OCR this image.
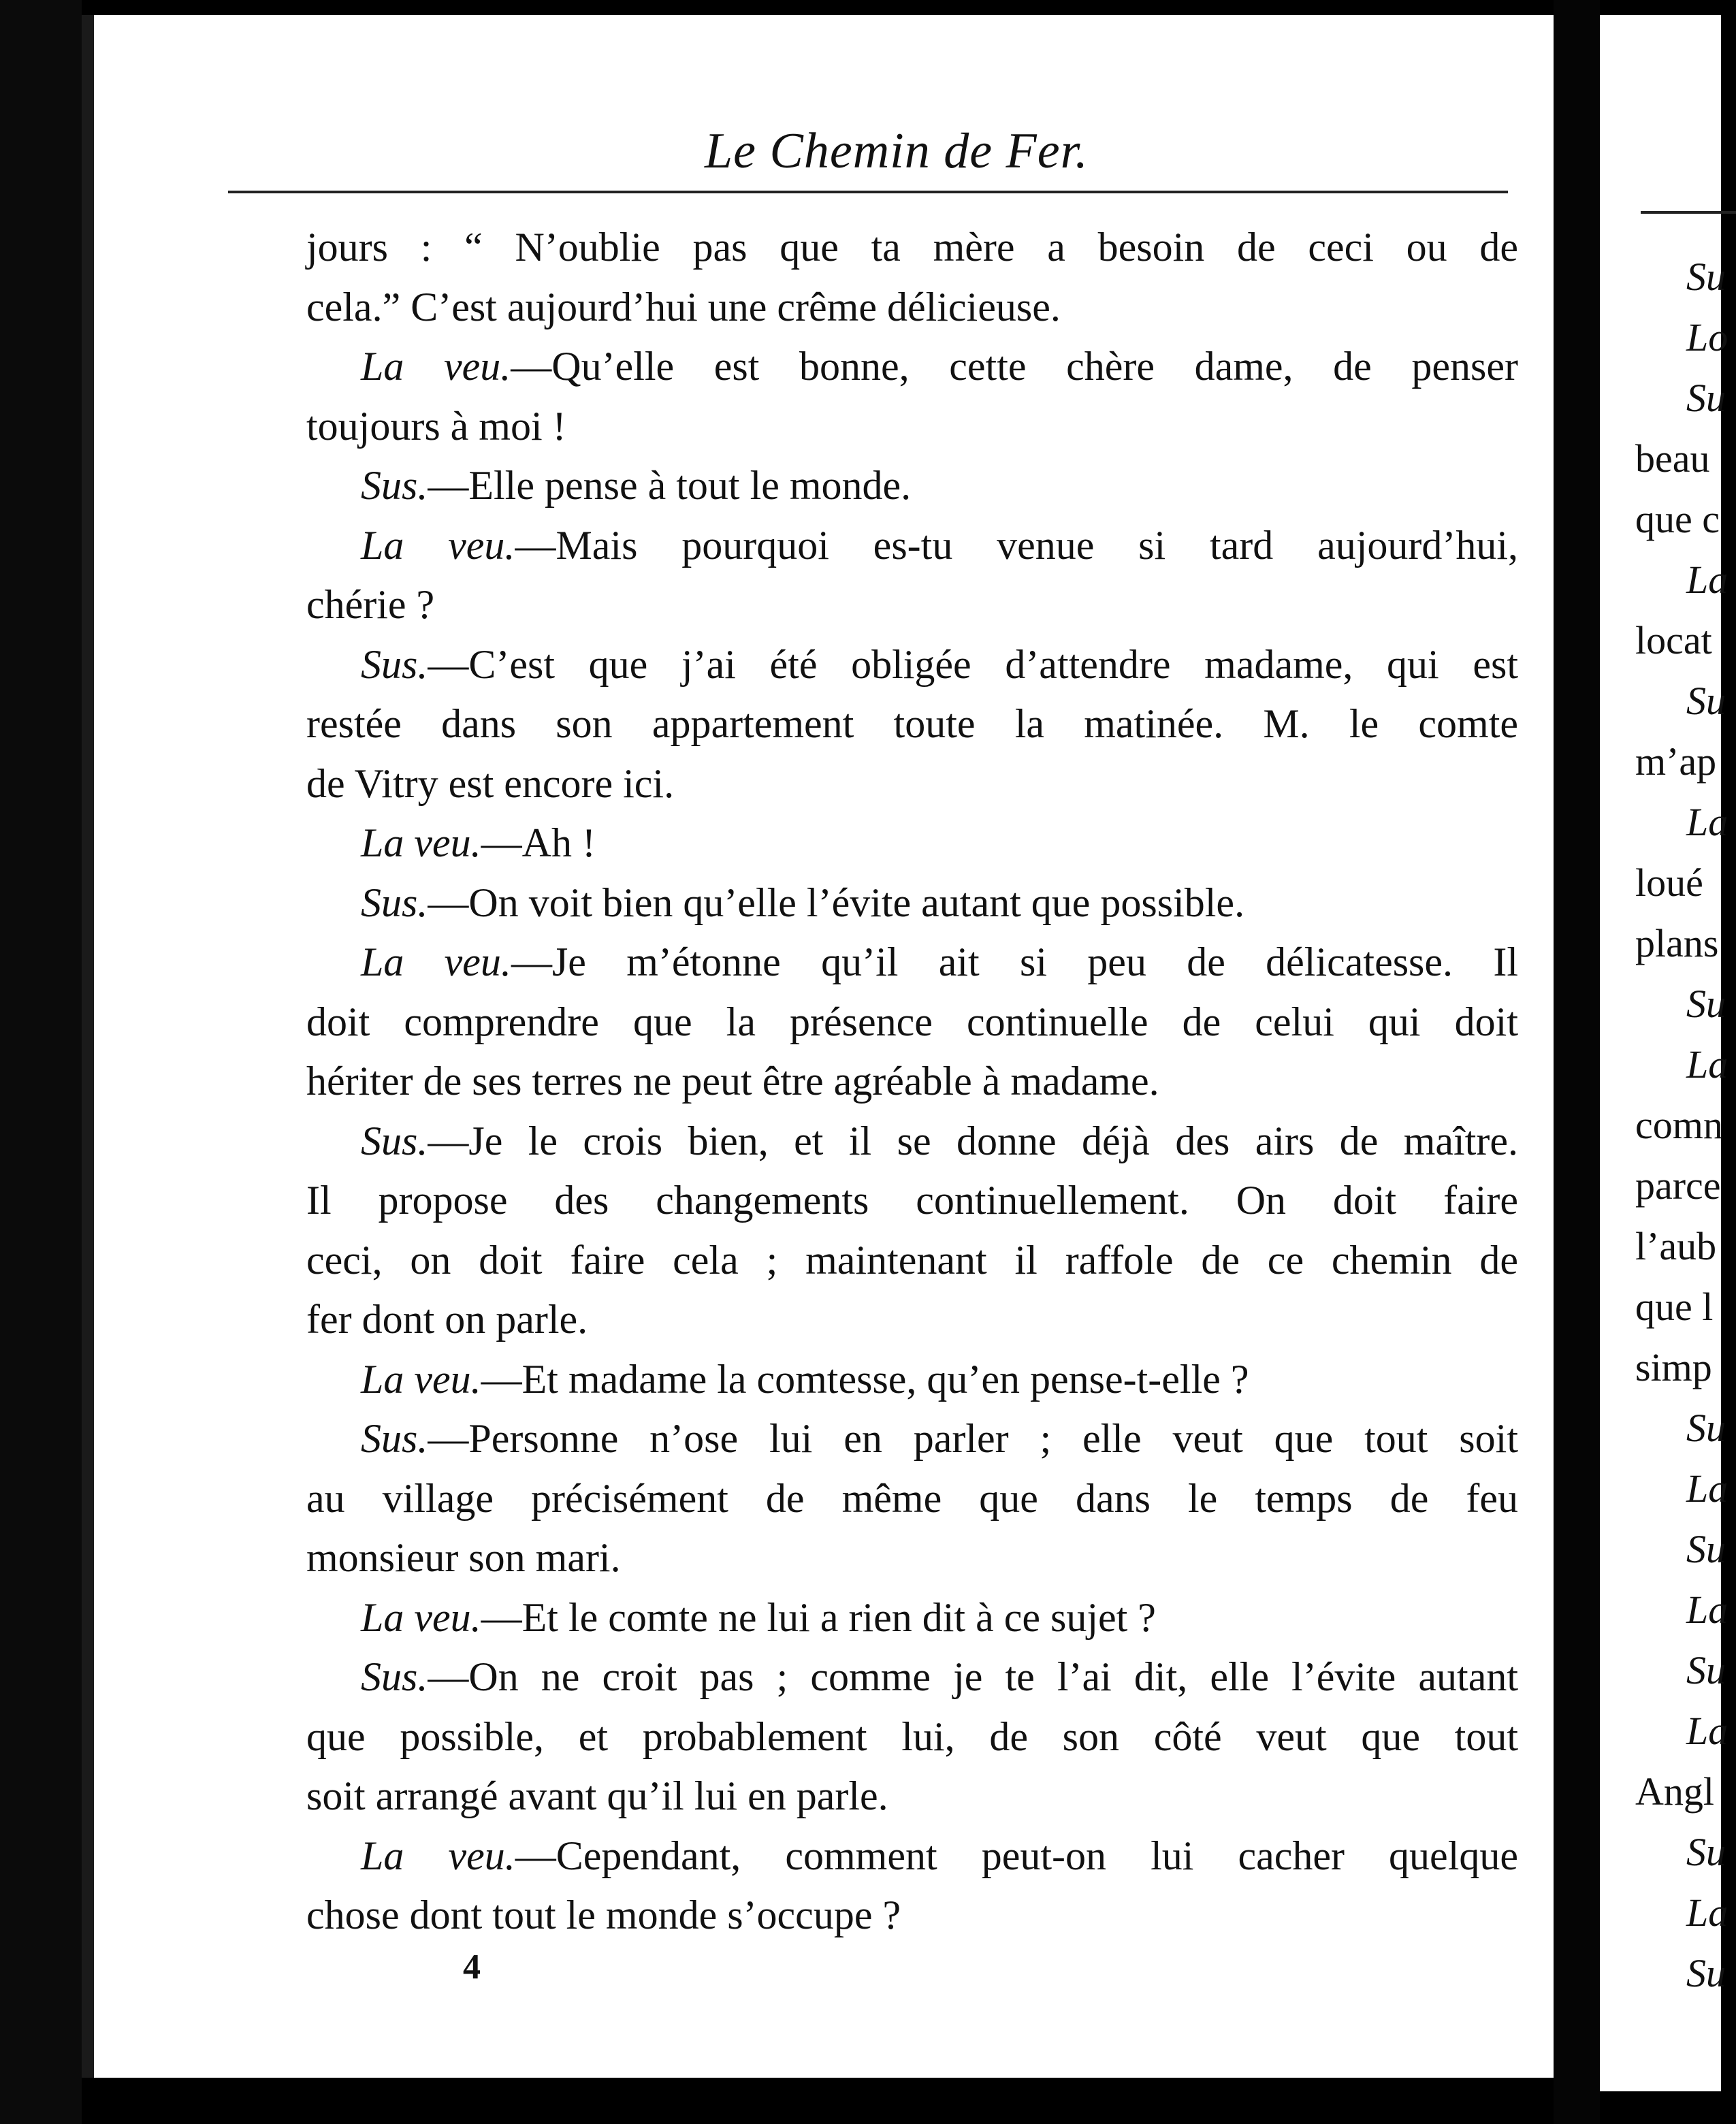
Le Chemin de Fer.
jours : “ N’oublie pas que ta mère a besoin de ceci ou de
cela.” C’est aujourd’hui une crême délicieuse.
La veu.—Qu’elle est bonne, cette chère dame, de penser
toujours à moi !
Sus.—Elle pense à tout le monde.
La veu.—Mais pourquoi es-tu venue si tard aujourd’hui,
chérie ?
Sus.—C’est que j’ai été obligée d’attendre madame, qui est
restée dans son appartement toute la matinée. M. le comte
de Vitry est encore ici.
La veu.—Ah !
Sus.—On voit bien qu’elle l’évite autant que possible.
La veu.—Je m’étonne qu’il ait si peu de délicatesse. Il
doit comprendre que la présence continuelle de celui qui doit
hériter de ses terres ne peut être agréable à madame.
Sus.—Je le crois bien, et il se donne déjà des airs de maître.
Il propose des changements continuellement. On doit faire
ceci, on doit faire cela ; maintenant il raffole de ce chemin de
fer dont on parle.
La veu.—Et madame la comtesse, qu’en pense-t-elle ?
Sus.—Personne n’ose lui en parler ; elle veut que tout soit
au village précisément de même que dans le temps de feu
monsieur son mari.
La veu.—Et le comte ne lui a rien dit à ce sujet ?
Sus.—On ne croit pas ; comme je te l’ai dit, elle l’évite autant
que possible, et probablement lui, de son côté veut que tout
soit arrangé avant qu’il lui en parle.
La veu.—Cependant, comment peut-on lui cacher quelque
chose dont tout le monde s’occupe ?
4
Su
Lo
Su
beau
que c
La
locat
Su
m’ap
La
loué
plans
Su
La
comn
parce
l’aub
que l
simp
Su
La
Su
La
Su
La
Angl
Su
La
Su
